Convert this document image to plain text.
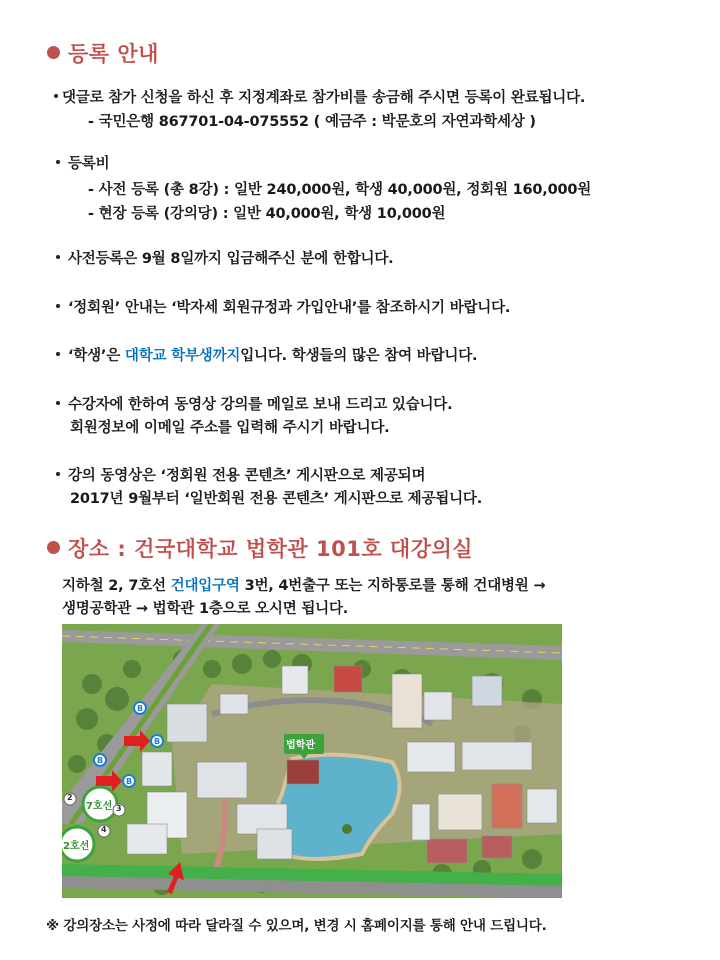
등록 안내
댓글로 참가 신청을 하신 후 지정계좌로 참가비를 송금해 주시면 등록이 완료됩니다.
- 국민은행 867701-04-075552 ( 예금주 : 박문호의 자연과학세상 )
등록비
- 사전 등록 (총 8강) : 일반 240,000원, 학생 40,000원, 정회원 160,000원
- 현장 등록 (강의당) : 일반 40,000원, 학생 10,000원
사전등록은 9월 8일까지 입금해주신 분에 한합니다.
‘정회원’ 안내는 ‘박자세 회원규정과 가입안내’를 참조하시기 바랍니다.
‘학생’은 대학교 학부생까지입니다. 학생들의 많은 참여 바랍니다.
수강자에 한하여 동영상 강의를 메일로 보내 드리고 있습니다.
회원정보에 이메일 주소를 입력해 주시기 바랍니다.
강의 동영상은 ‘정회원 전용 콘텐츠’ 게시판으로 제공되며
2017년 9월부터 ‘일반회원 전용 콘텐츠’ 게시판으로 제공됩니다.
장소 : 건국대학교 법학관 101호 대강의실
지하철 2, 7호선 건대입구역 3번, 4번출구 또는 지하통로를 통해 건대병원 →
생명공학관 → 법학관 1층으로 오시면 됩니다.
B
B
B
B
법학관
7호선
2호선
2
3
4
※ 강의장소는 사정에 따라 달라질 수 있으며, 변경 시 홈페이지를 통해 안내 드립니다.
